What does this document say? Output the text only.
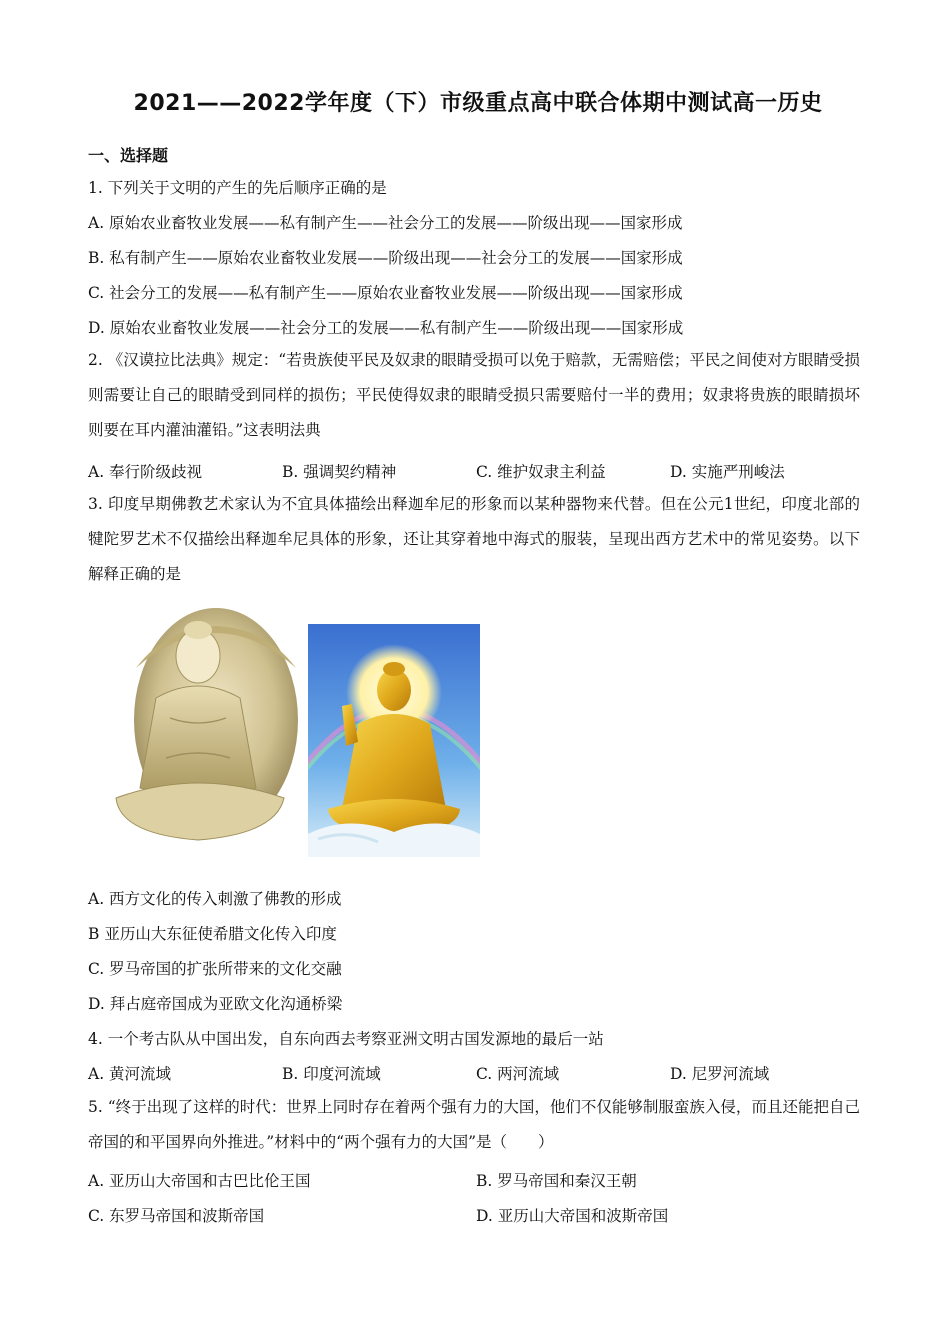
2021——2022学年度（下）市级重点高中联合体期中测试高一历史
一、选择题
1. 下列关于文明的产生的先后顺序正确的是
A. 原始农业畜牧业发展——私有制产生——社会分工的发展——阶级出现——国家形成
B. 私有制产生——原始农业畜牧业发展——阶级出现——社会分工的发展——国家形成
C. 社会分工的发展——私有制产生——原始农业畜牧业发展——阶级出现——国家形成
D. 原始农业畜牧业发展——社会分工的发展——私有制产生——阶级出现——国家形成
2. 《汉谟拉比法典》规定：“若贵族使平民及奴隶的眼睛受损可以免于赔款，无需赔偿；平民之间使对方眼睛受损则需要让自己的眼睛受到同样的损伤；平民使得奴隶的眼睛受损只需要赔付一半的费用；奴隶将贵族的眼睛损坏则要在耳内灌油灌铅。”这表明法典
A. 奉行阶级歧视	B. 强调契约精神	C. 维护奴隶主利益	D. 实施严刑峻法
3. 印度早期佛教艺术家认为不宜具体描绘出释迦牟尼的形象而以某种器物来代替。但在公元1世纪，印度北部的犍陀罗艺术不仅描绘出释迦牟尼具体的形象，还让其穿着地中海式的服装，呈现出西方艺术中的常见姿势。以下解释正确的是
A. 西方文化的传入刺激了佛教的形成
B 亚历山大东征使希腊文化传入印度
C. 罗马帝国的扩张所带来的文化交融
D. 拜占庭帝国成为亚欧文化沟通桥梁
4. 一个考古队从中国出发，自东向西去考察亚洲文明古国发源地的最后一站
A. 黄河流域	B. 印度河流域	C. 两河流域	D. 尼罗河流域
5. “终于出现了这样的时代：世界上同时存在着两个强有力的大国，他们不仅能够制服蛮族入侵，而且还能把自己帝国的和平国界向外推进。”材料中的“两个强有力的大国”是（　　）
A. 亚历山大帝国和古巴比伦王国	B. 罗马帝国和秦汉王朝
C. 东罗马帝国和波斯帝国	D. 亚历山大帝国和波斯帝国
